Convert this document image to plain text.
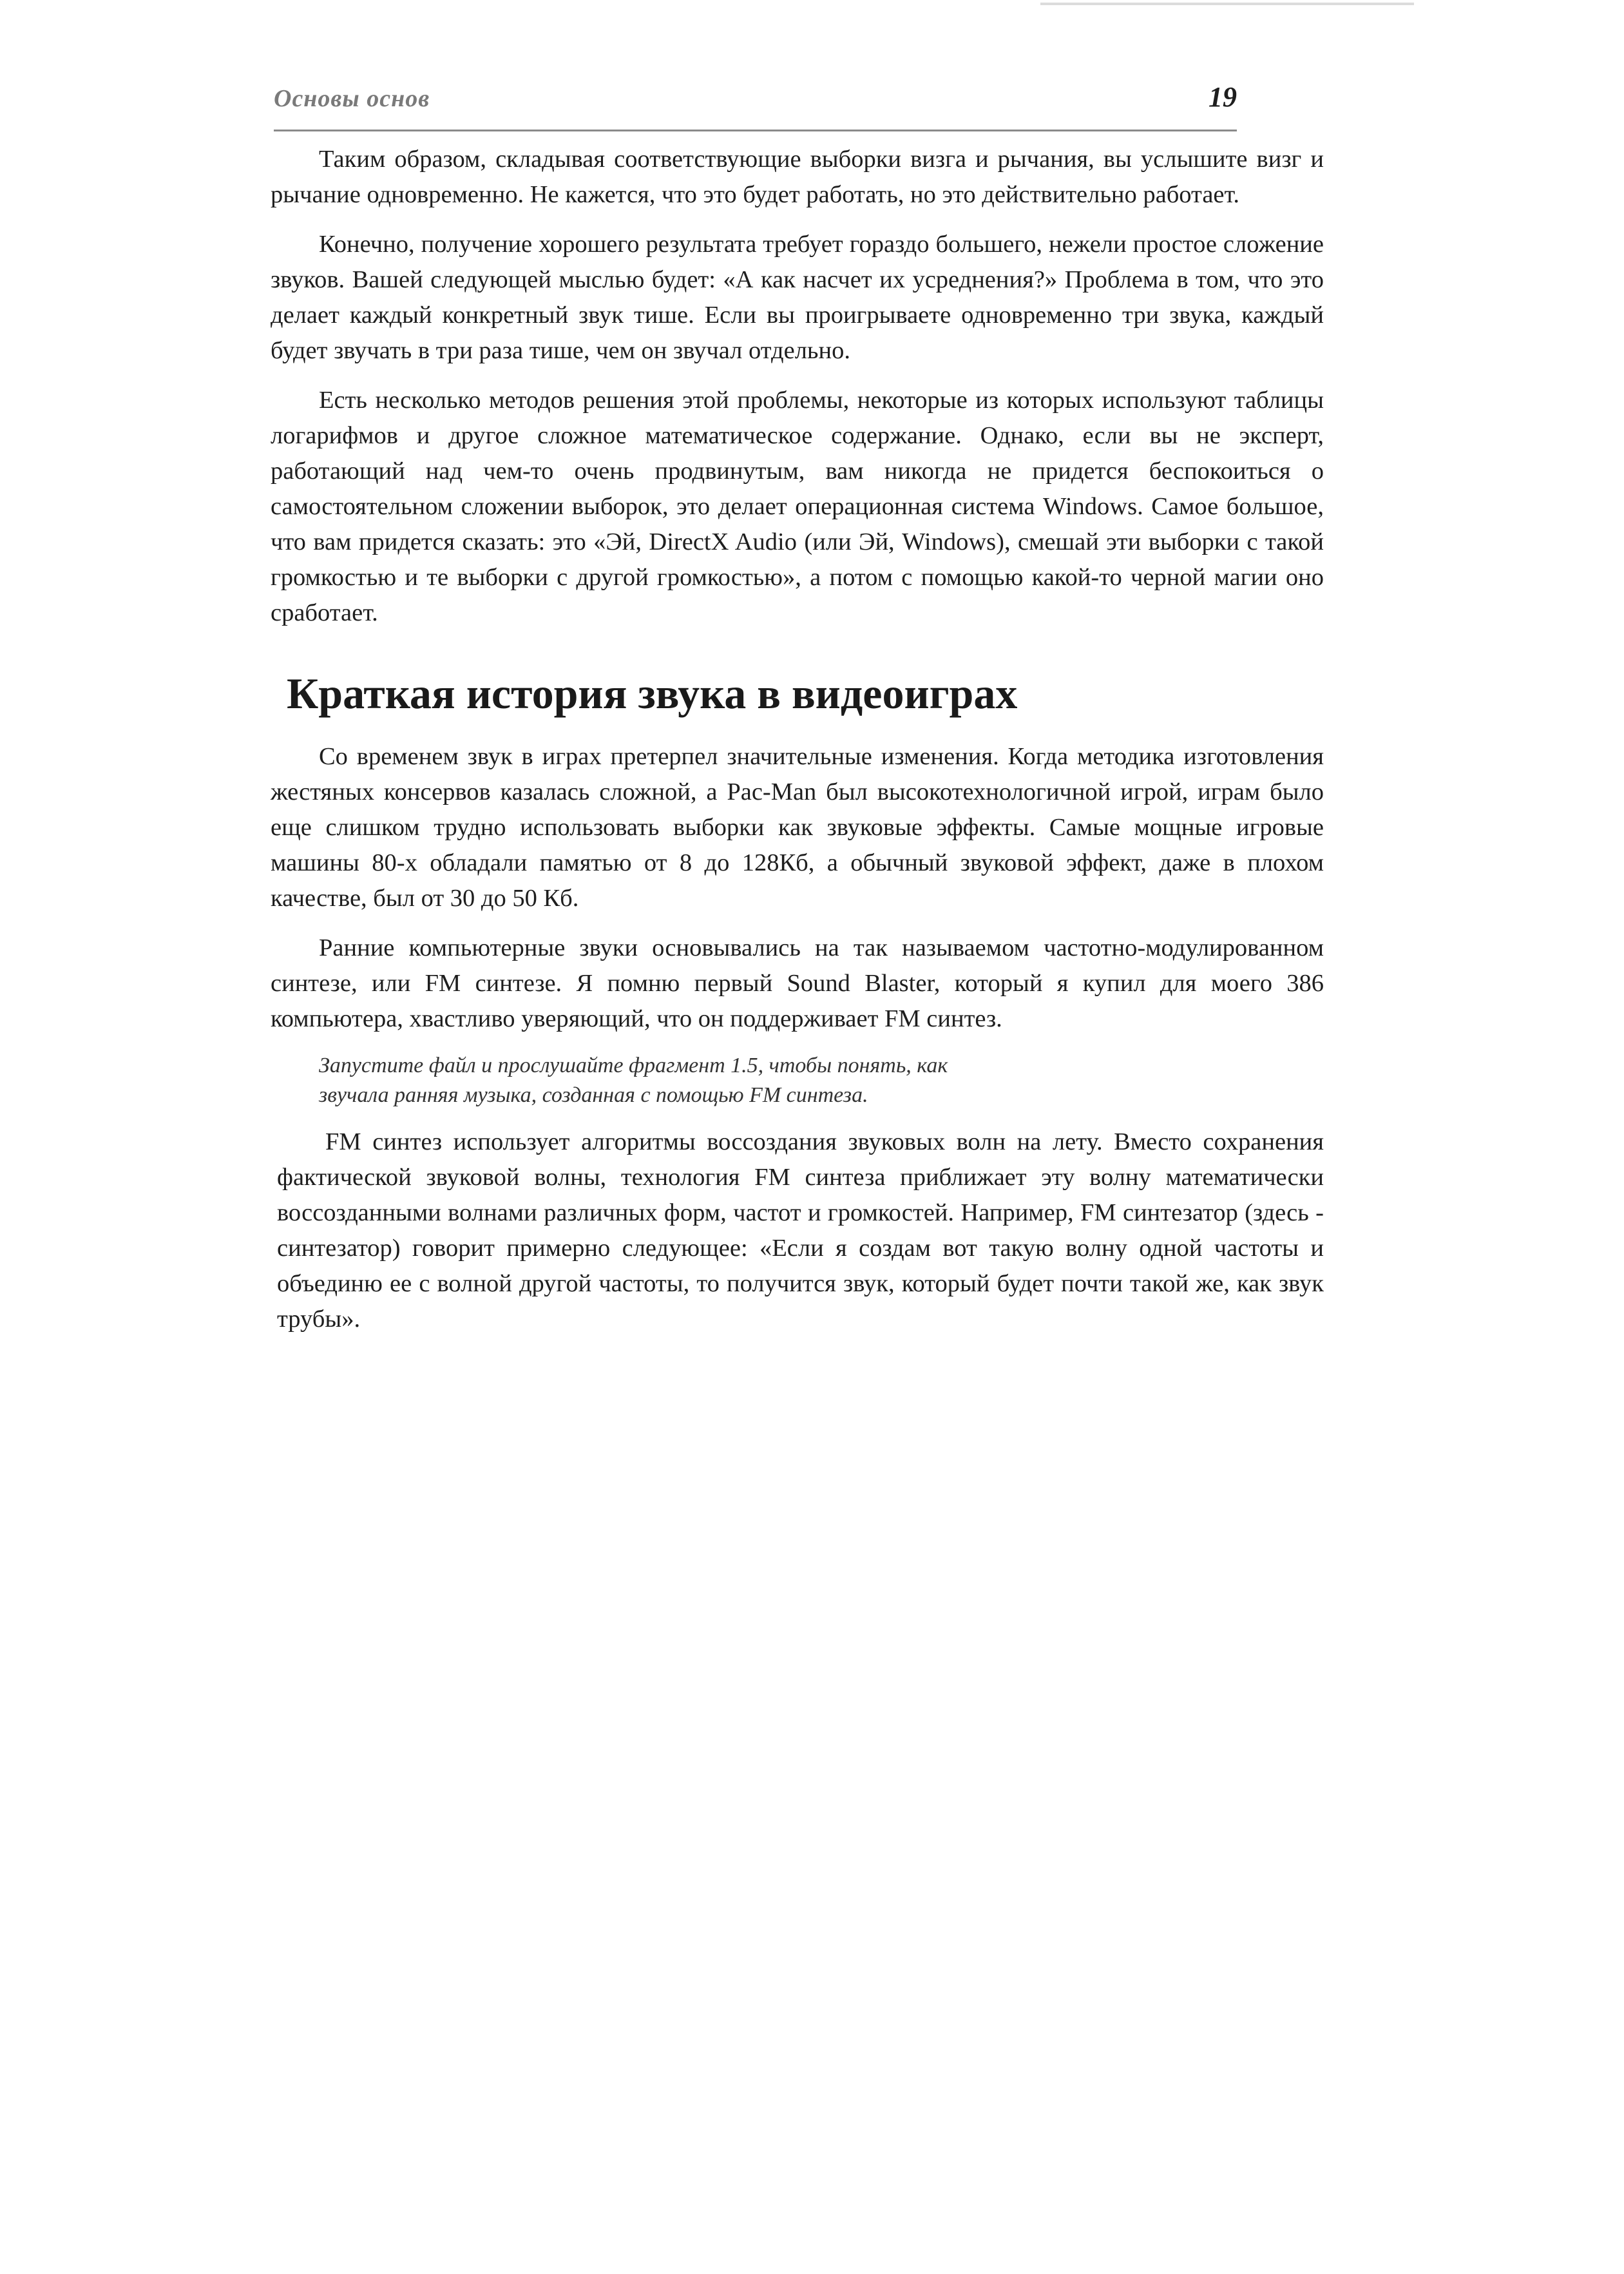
Основы основ	19

Таким образом, складывая соответствующие выборки визга и рычания, вы услышите визг и рычание одновременно. Не кажется, что это будет работать, но это действительно работает.

Конечно, получение хорошего результата требует гораздо большего, нежели простое сложение звуков. Вашей следующей мыслью будет: «А как насчет их усреднения?» Проблема в том, что это делает каждый конкретный звук тише. Если вы проигрываете одновременно три звука, каждый будет звучать в три раза тише, чем он звучал отдельно.

Есть несколько методов решения этой проблемы, некоторые из которых используют таблицы логарифмов и другое сложное математическое содержание. Однако, если вы не эксперт, работающий над чем-то очень продвинутым, вам никогда не придется беспокоиться о самостоятельном сложении выборок, это делает операционная система Windows. Самое большое, что вам придется сказать: это «Эй, DirectX Audio (или Эй, Windows), смешай эти выборки с такой громкостью и те выборки с другой громкостью», а потом с помощью какой-то черной магии оно сработает.

Краткая история звука в видеоиграх

Со временем звук в играх претерпел значительные изменения. Когда методика изготовления жестяных консервов казалась сложной, а Pac-Man был высокотехнологичной игрой, играм было еще слишком трудно использовать выборки как звуковые эффекты. Самые мощные игровые машины 80-х обладали памятью от 8 до 128Кб, а обычный звуковой эффект, даже в плохом качестве, был от 30 до 50 Кб.

Ранние компьютерные звуки основывались на так называемом частотно-модулированном синтезе, или FM синтезе. Я помню первый Sound Blaster, который я купил для моего 386 компьютера, хвастливо уверяющий, что он поддерживает FM синтез.

Запустите файл и прослушайте фрагмент 1.5, чтобы понять, как звучала ранняя музыка, созданная с помощью FM синтеза.

FM синтез использует алгоритмы воссоздания звуковых волн на лету. Вместо сохранения фактической звуковой волны, технология FM синтеза приближает эту волну математически воссозданными волнами различных форм, частот и громкостей. Например, FM синтезатор (здесь - синтезатор) говорит примерно следующее: «Если я создам вот такую волну одной частоты и объединю ее с волной другой частоты, то получится звук, который будет почти такой же, как звук трубы».
